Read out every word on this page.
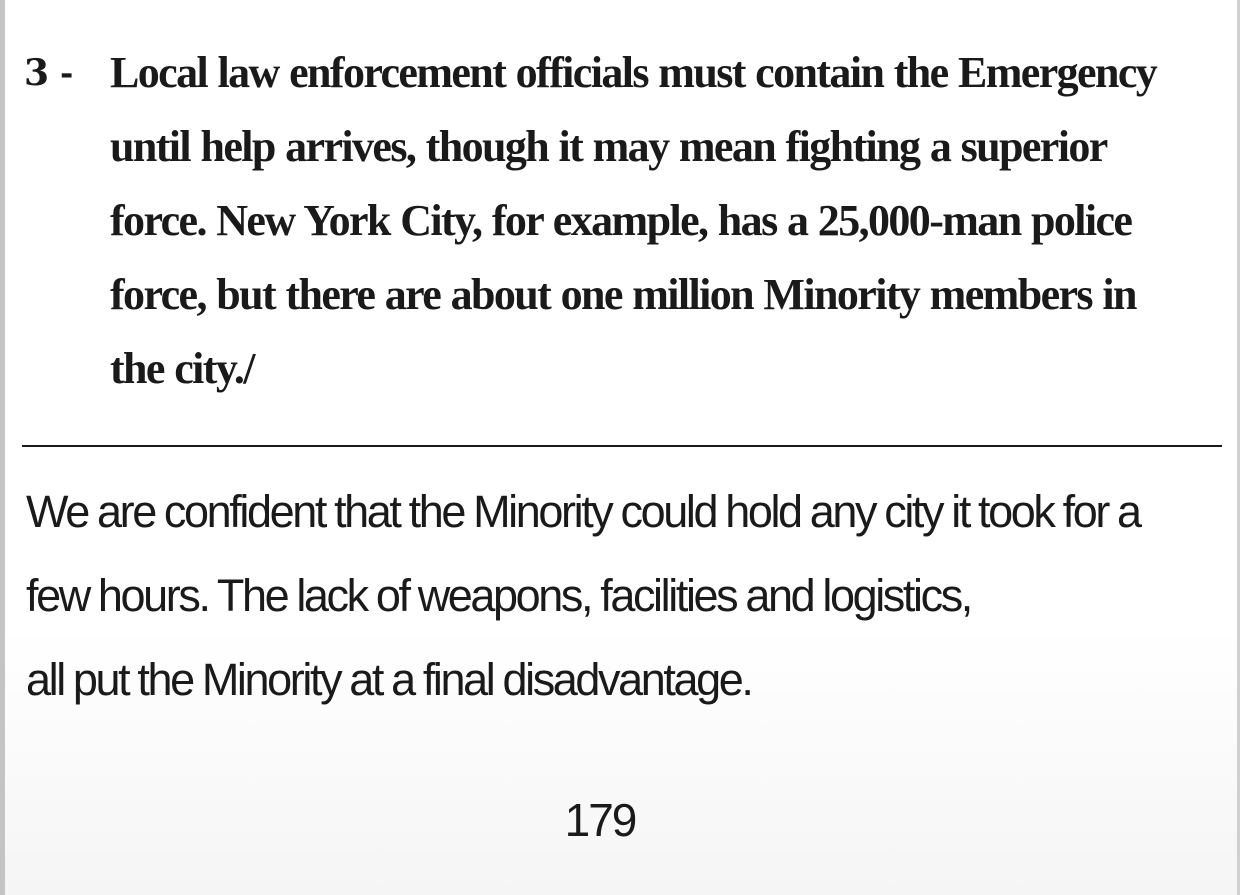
3 - Local law enforcement officials must contain the Emergency
until help arrives, though it may mean fighting a superior
force. New York City, for example, has a 25,000-man police
force, but there are about one million Minority members in
the city./

We are confident that the Minority could hold any city it took for a
few hours. The lack of weapons, facilities and logistics,
all put the Minority at a final disadvantage.

179
